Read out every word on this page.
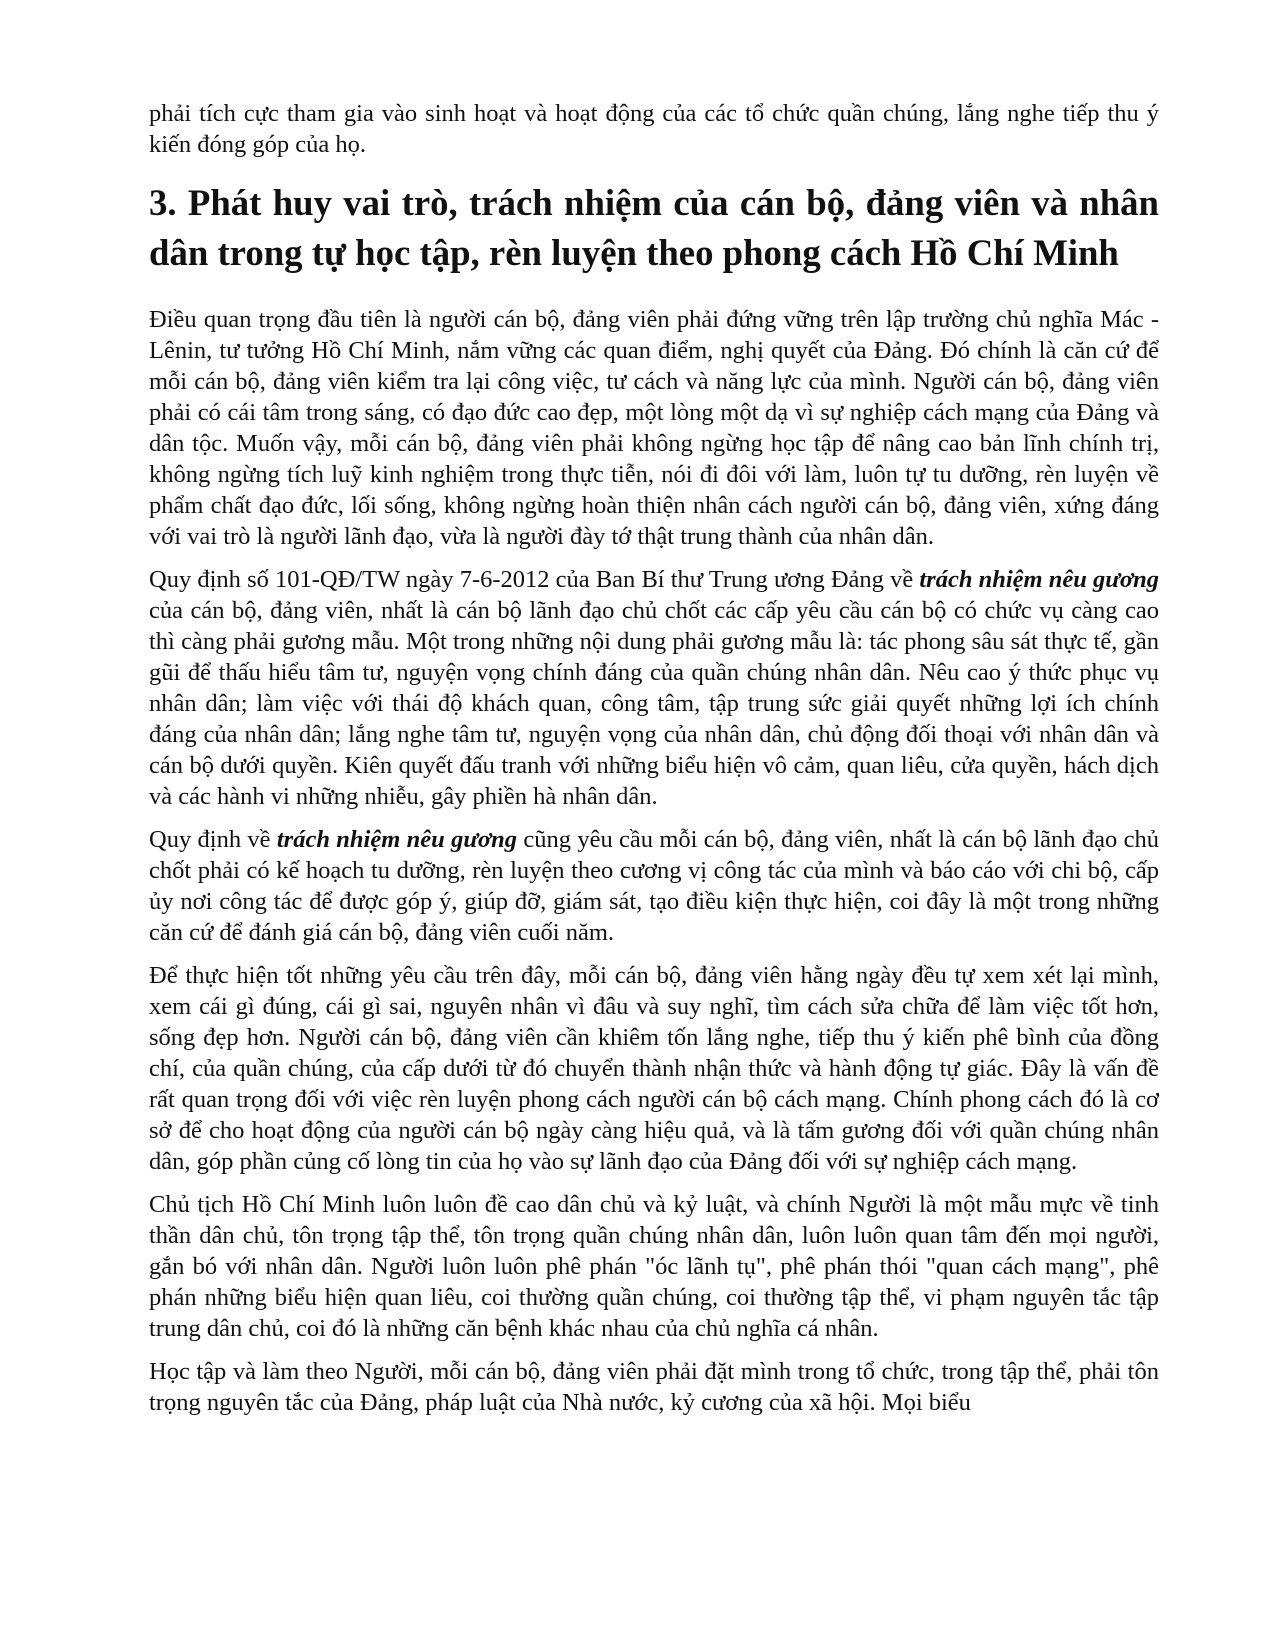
phải tích cực tham gia vào sinh hoạt và hoạt động của các tổ chức quần chúng, lắng nghe tiếp thu ý kiến đóng góp của họ.

3. Phát huy vai trò, trách nhiệm của cán bộ, đảng viên và nhân dân trong tự học tập, rèn luyện theo phong cách Hồ Chí Minh

Điều quan trọng đầu tiên là người cán bộ, đảng viên phải đứng vững trên lập trường chủ nghĩa Mác - Lênin, tư tưởng Hồ Chí Minh, nắm vững các quan điểm, nghị quyết của Đảng. Đó chính là căn cứ để mỗi cán bộ, đảng viên kiểm tra lại công việc, tư cách và năng lực của mình. Người cán bộ, đảng viên phải có cái tâm trong sáng, có đạo đức cao đẹp, một lòng một dạ vì sự nghiệp cách mạng của Đảng và dân tộc. Muốn vậy, mỗi cán bộ, đảng viên phải không ngừng học tập để nâng cao bản lĩnh chính trị, không ngừng tích luỹ kinh nghiệm trong thực tiễn, nói đi đôi với làm, luôn tự tu dưỡng, rèn luyện về phẩm chất đạo đức, lối sống, không ngừng hoàn thiện nhân cách người cán bộ, đảng viên, xứng đáng với vai trò là người lãnh đạo, vừa là người đày tớ thật trung thành của nhân dân.

Quy định số 101-QĐ/TW ngày 7-6-2012 của Ban Bí thư Trung ương Đảng về trách nhiệm nêu gương của cán bộ, đảng viên, nhất là cán bộ lãnh đạo chủ chốt các cấp yêu cầu cán bộ có chức vụ càng cao thì càng phải gương mẫu. Một trong những nội dung phải gương mẫu là: tác phong sâu sát thực tế, gần gũi để thấu hiểu tâm tư, nguyện vọng chính đáng của quần chúng nhân dân. Nêu cao ý thức phục vụ nhân dân; làm việc với thái độ khách quan, công tâm, tập trung sức giải quyết những lợi ích chính đáng của nhân dân; lắng nghe tâm tư, nguyện vọng của nhân dân, chủ động đối thoại với nhân dân và cán bộ dưới quyền. Kiên quyết đấu tranh với những biểu hiện vô cảm, quan liêu, cửa quyền, hách dịch và các hành vi những nhiễu, gây phiền hà nhân dân.

Quy định về trách nhiệm nêu gương cũng yêu cầu mỗi cán bộ, đảng viên, nhất là cán bộ lãnh đạo chủ chốt phải có kế hoạch tu dưỡng, rèn luyện theo cương vị công tác của mình và báo cáo với chi bộ, cấp ủy nơi công tác để được góp ý, giúp đỡ, giám sát, tạo điều kiện thực hiện, coi đây là một trong những căn cứ để đánh giá cán bộ, đảng viên cuối năm.

Để thực hiện tốt những yêu cầu trên đây, mỗi cán bộ, đảng viên hằng ngày đều tự xem xét lại mình, xem cái gì đúng, cái gì sai, nguyên nhân vì đâu và suy nghĩ, tìm cách sửa chữa để làm việc tốt hơn, sống đẹp hơn. Người cán bộ, đảng viên cần khiêm tốn lắng nghe, tiếp thu ý kiến phê bình của đồng chí, của quần chúng, của cấp dưới từ đó chuyển thành nhận thức và hành động tự giác. Đây là vấn đề rất quan trọng đối với việc rèn luyện phong cách người cán bộ cách mạng. Chính phong cách đó là cơ sở để cho hoạt động của người cán bộ ngày càng hiệu quả, và là tấm gương đối với quần chúng nhân dân, góp phần củng cố lòng tin của họ vào sự lãnh đạo của Đảng đối với sự nghiệp cách mạng.

Chủ tịch Hồ Chí Minh luôn luôn đề cao dân chủ và kỷ luật, và chính Người là một mẫu mực về tinh thần dân chủ, tôn trọng tập thể, tôn trọng quần chúng nhân dân, luôn luôn quan tâm đến mọi người, gắn bó với nhân dân. Người luôn luôn phê phán "óc lãnh tụ", phê phán thói "quan cách mạng", phê phán những biểu hiện quan liêu, coi thường quần chúng, coi thường tập thể, vi phạm nguyên tắc tập trung dân chủ, coi đó là những căn bệnh khác nhau của chủ nghĩa cá nhân.

Học tập và làm theo Người, mỗi cán bộ, đảng viên phải đặt mình trong tổ chức, trong tập thể, phải tôn trọng nguyên tắc của Đảng, pháp luật của Nhà nước, kỷ cương của xã hội. Mọi biểu
